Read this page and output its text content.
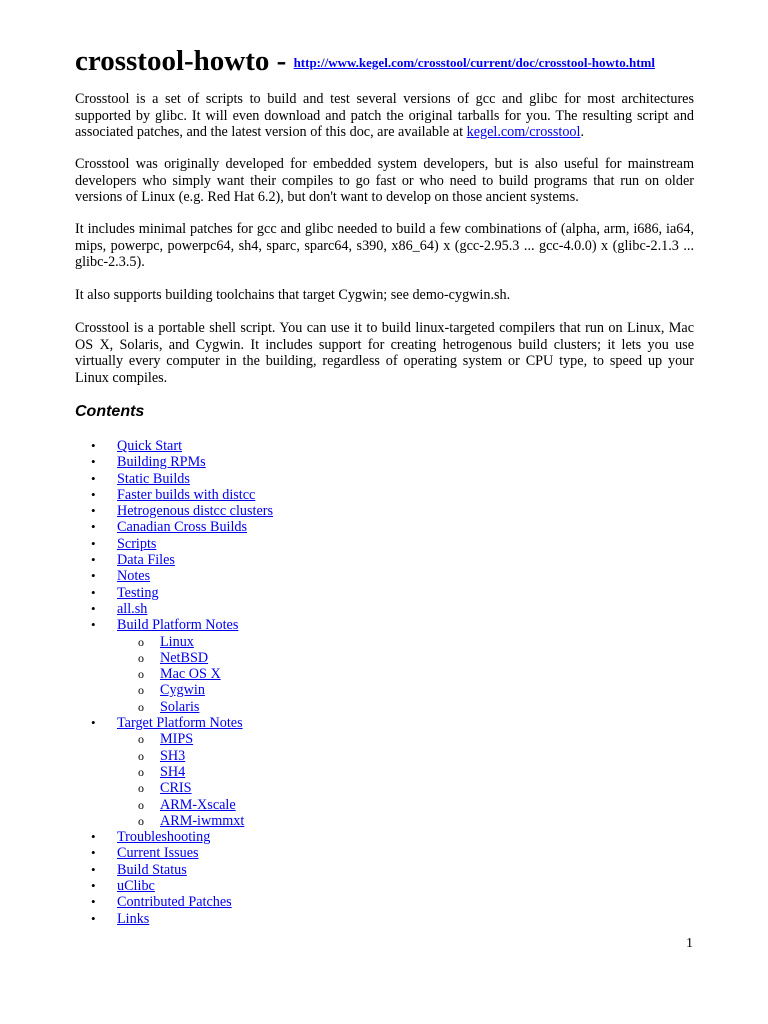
crosstool-howto - http://www.kegel.com/crosstool/current/doc/crosstool-howto.html

Crosstool is a set of scripts to build and test several versions of gcc and glibc for most architectures supported by glibc. It will even download and patch the original tarballs for you. The resulting script and associated patches, and the latest version of this doc, are available at kegel.com/crosstool.

Crosstool was originally developed for embedded system developers, but is also useful for mainstream developers who simply want their compiles to go fast or who need to build programs that run on older versions of Linux (e.g. Red Hat 6.2), but don't want to develop on those ancient systems.

It includes minimal patches for gcc and glibc needed to build a few combinations of (alpha, arm, i686, ia64, mips, powerpc, powerpc64, sh4, sparc, sparc64, s390, x86_64) x (gcc-2.95.3 ... gcc-4.0.0) x (glibc-2.1.3 ... glibc-2.3.5).

It also supports building toolchains that target Cygwin; see demo-cygwin.sh.

Crosstool is a portable shell script. You can use it to build linux-targeted compilers that run on Linux, Mac OS X, Solaris, and Cygwin. It includes support for creating hetrogenous build clusters; it lets you use virtually every computer in the building, regardless of operating system or CPU type, to speed up your Linux compiles.

Contents
• Quick Start
• Building RPMs
• Static Builds
• Faster builds with distcc
• Hetrogenous distcc clusters
• Canadian Cross Builds
• Scripts
• Data Files
• Notes
• Testing
• all.sh
• Build Platform Notes
o Linux
o NetBSD
o Mac OS X
o Cygwin
o Solaris
• Target Platform Notes
o MIPS
o SH3
o SH4
o CRIS
o ARM-Xscale
o ARM-iwmmxt
• Troubleshooting
• Current Issues
• Build Status
• uClibc
• Contributed Patches
• Links
1
